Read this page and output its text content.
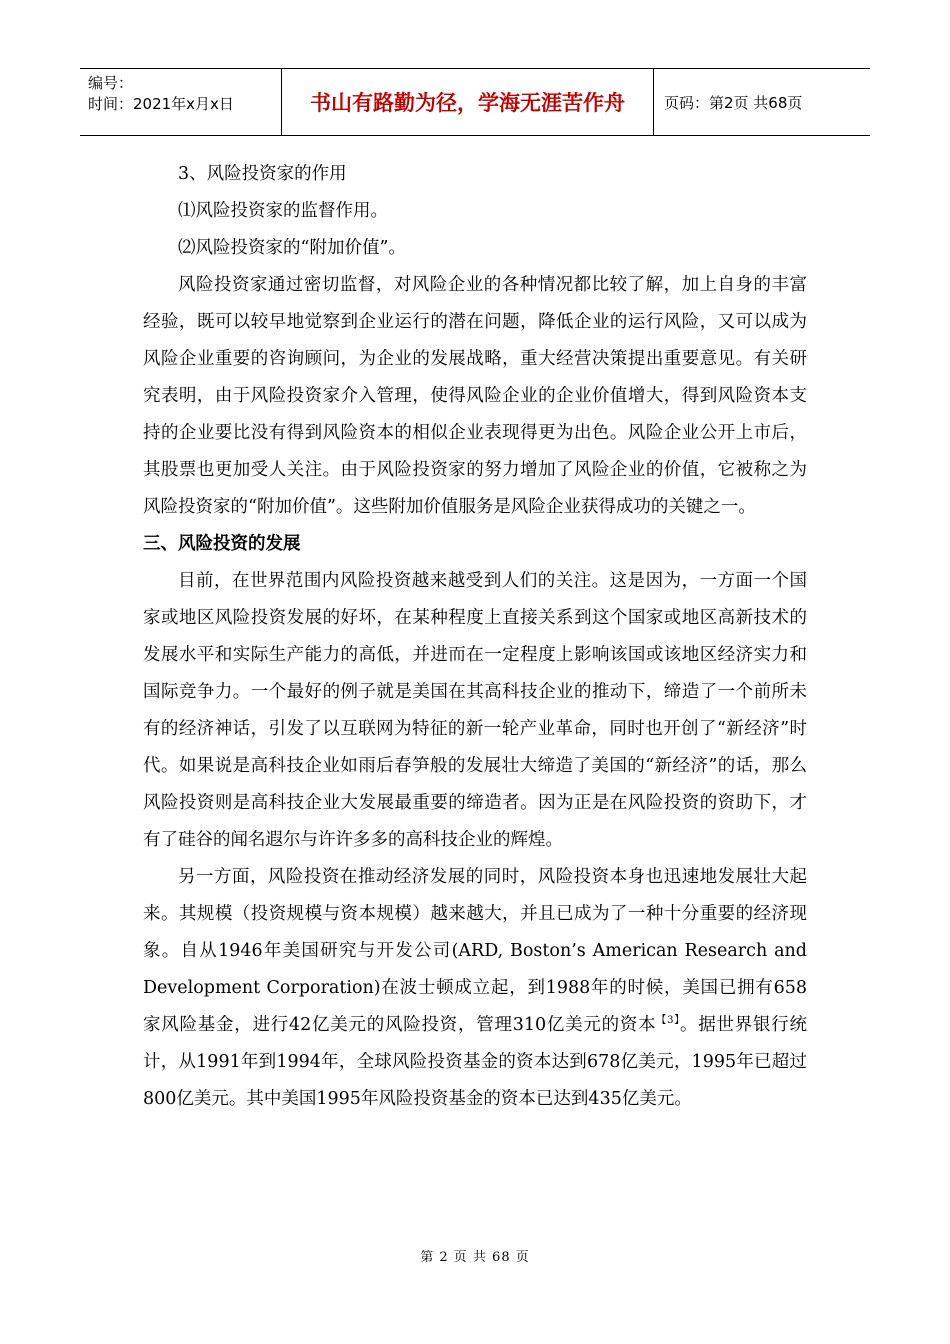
编号：
时间：2021年x月x日	书山有路勤为径，学海无涯苦作舟	页码：第2页 共68页

3、风险投资家的作用

⑴风险投资家的监督作用。

⑵风险投资家的“附加价值”。

风险投资家通过密切监督，对风险企业的各种情况都比较了解，加上自身的丰富经验，既可以较早地觉察到企业运行的潜在问题，降低企业的运行风险，又可以成为风险企业重要的咨询顾问，为企业的发展战略，重大经营决策提出重要意见。有关研究表明，由于风险投资家介入管理，使得风险企业的企业价值增大，得到风险资本支持的企业要比没有得到风险资本的相似企业表现得更为出色。风险企业公开上市后，其股票也更加受人关注。由于风险投资家的努力增加了风险企业的价值，它被称之为风险投资家的“附加价值”。这些附加价值服务是风险企业获得成功的关键之一。

三、风险投资的发展

目前，在世界范围内风险投资越来越受到人们的关注。这是因为，一方面一个国家或地区风险投资发展的好坏，在某种程度上直接关系到这个国家或地区高新技术的发展水平和实际生产能力的高低，并进而在一定程度上影响该国或该地区经济实力和国际竞争力。一个最好的例子就是美国在其高科技企业的推动下，缔造了一个前所未有的经济神话，引发了以互联网为特征的新一轮产业革命，同时也开创了“新经济”时代。如果说是高科技企业如雨后春笋般的发展壮大缔造了美国的“新经济”的话，那么风险投资则是高科技企业大发展最重要的缔造者。因为正是在风险投资的资助下，才有了硅谷的闻名遐尔与许许多多的高科技企业的辉煌。

另一方面，风险投资在推动经济发展的同时，风险投资本身也迅速地发展壮大起来。其规模（投资规模与资本规模）越来越大，并且已成为了一种十分重要的经济现象。自从1946年美国研究与开发公司(ARD, Boston’s American Research and Development Corporation)在波士顿成立起，到1988年的时候，美国已拥有658家风险基金，进行42亿美元的风险投资，管理310亿美元的资本$^{【3】}$。据世界银行统计，从1991年到1994年，全球风险投资基金的资本达到678亿美元，1995年已超过800亿美元。其中美国1995年风险投资基金的资本已达到435亿美元。

第 2 页 共 68 页
